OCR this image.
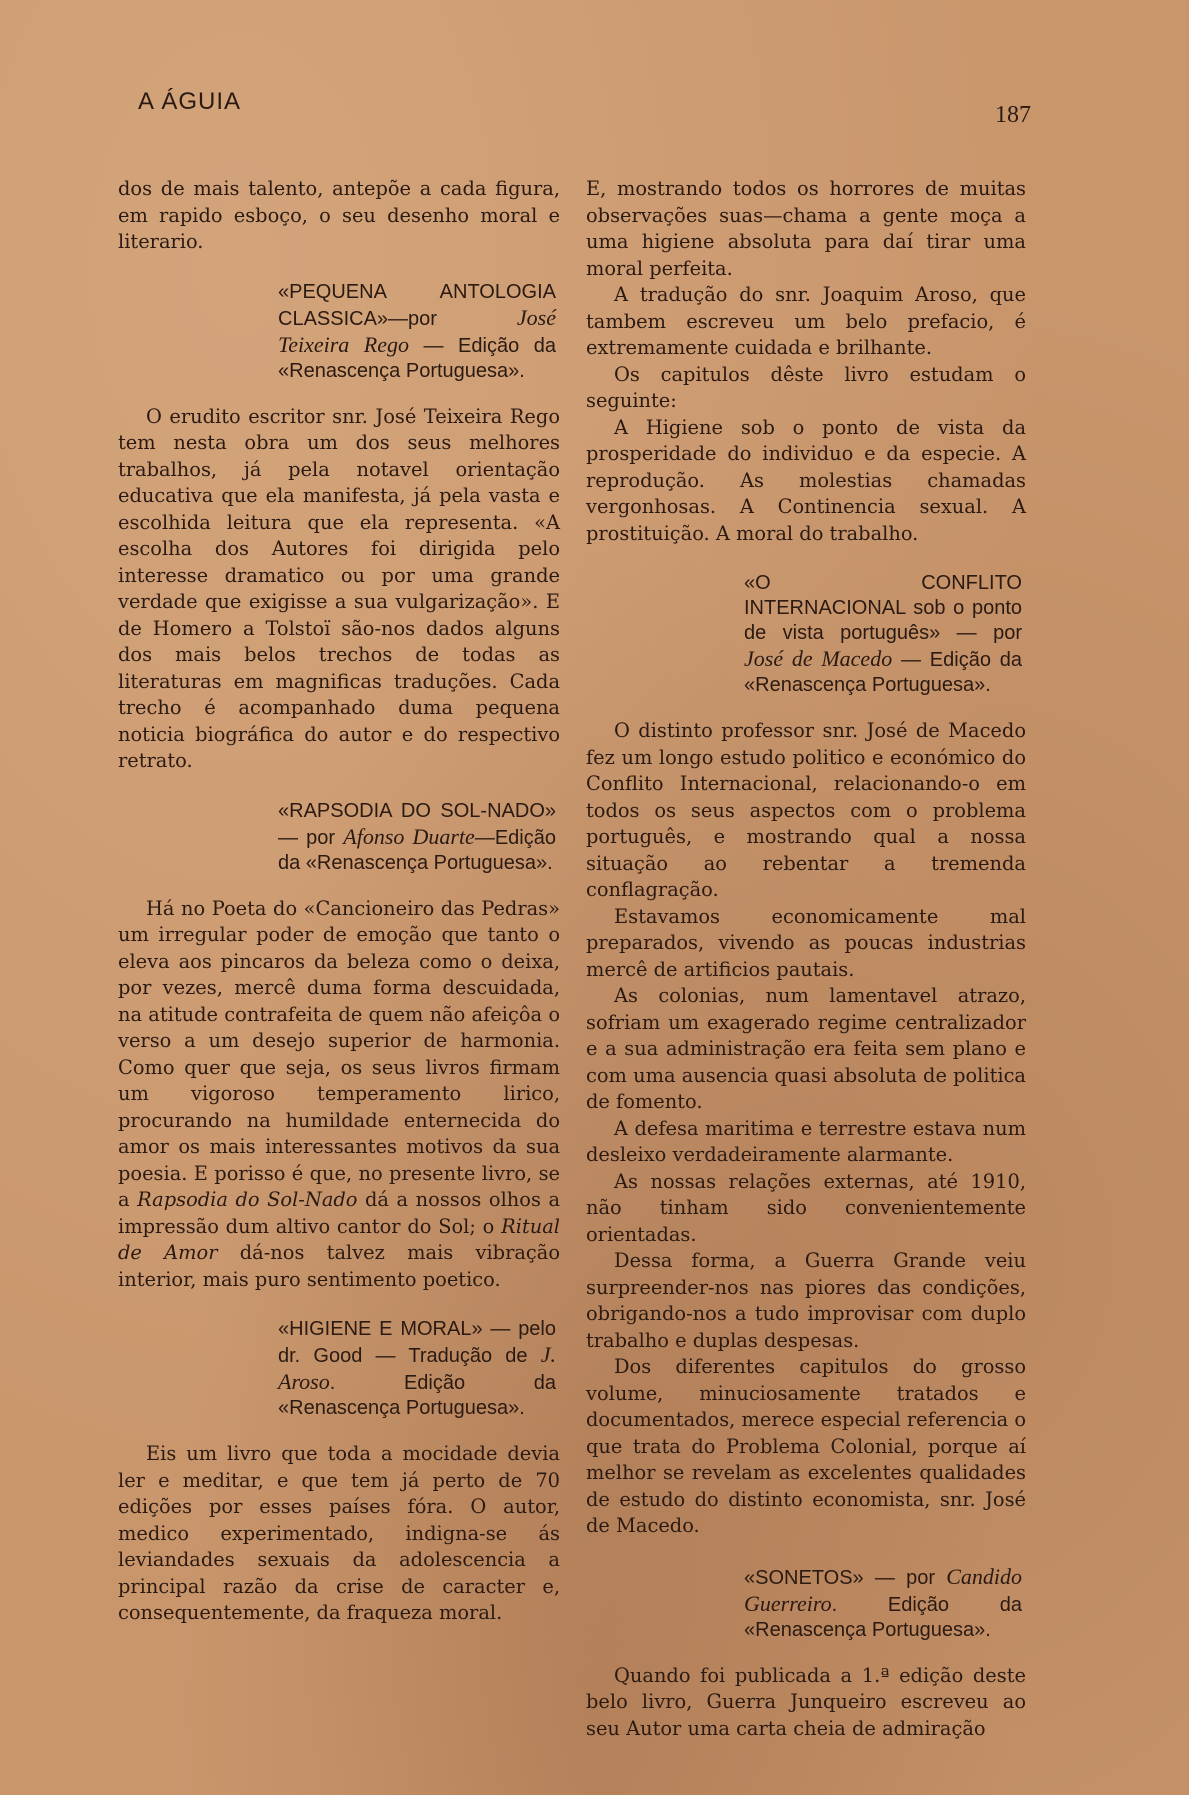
A ÁGUIA	187

dos de mais talento, antepõe a cada figura, em rapido esboço, o seu desenho moral e literario.

«PEQUENA ANTOLOGIA CLASSICA»—por José Teixeira Rego — Edição da «Renascença Portuguesa».

O erudito escritor snr. José Teixeira Rego tem nesta obra um dos seus melhores trabalhos, já pela notavel orientação educativa que ela manifesta, já pela vasta e escolhida leitura que ela representa. «A escolha dos Autores foi dirigida pelo interesse dramatico ou por uma grande verdade que exigisse a sua vulgarização». E de Homero a Tolstoï são-nos dados alguns dos mais belos trechos de todas as literaturas em magnificas traduções. Cada trecho é acompanhado duma pequena noticia biográfica do autor e do respectivo retrato.

«RAPSODIA DO SOL-NADO» — por Afonso Duarte—Edição da «Renascença Portuguesa».

Há no Poeta do «Cancioneiro das Pedras» um irregular poder de emoção que tanto o eleva aos pincaros da beleza como o deixa, por vezes, mercê duma forma descuidada, na atitude contrafeita de quem não afeiçôa o verso a um desejo superior de harmonia. Como quer que seja, os seus livros firmam um vigoroso temperamento lirico, procurando na humildade enternecida do amor os mais interessantes motivos da sua poesia. E porisso é que, no presente livro, se a Rapsodia do Sol-Nado dá a nossos olhos a impressão dum altivo cantor do Sol; o Ritual de Amor dá-nos talvez mais vibração interior, mais puro sentimento poetico.

«HIGIENE E MORAL» — pelo dr. Good — Tradução de J. Aroso. Edição da «Renascença Portuguesa».

Eis um livro que toda a mocidade devia ler e meditar, e que tem já perto de 70 edições por esses países fóra. O autor, medico experimentado, indigna-se ás leviandades sexuais da adolescencia a principal razão da crise de caracter e, consequentemente, da fraqueza moral.

E, mostrando todos os horrores de muitas observações suas—chama a gente moça a uma higiene absoluta para daí tirar uma moral perfeita.

A tradução do snr. Joaquim Aroso, que tambem escreveu um belo prefacio, é extremamente cuidada e brilhante.

Os capitulos dêste livro estudam o seguinte:

A Higiene sob o ponto de vista da prosperidade do individuo e da especie. A reprodução. As molestias chamadas vergonhosas. A Continencia sexual. A prostituição. A moral do trabalho.

«O CONFLITO INTERNACIONAL sob o ponto de vista português» — por José de Macedo — Edição da «Renascença Portuguesa».

O distinto professor snr. José de Macedo fez um longo estudo politico e económico do Conflito Internacional, relacionando-o em todos os seus aspectos com o problema português, e mostrando qual a nossa situação ao rebentar a tremenda conflagração.

Estavamos economicamente mal preparados, vivendo as poucas industrias mercê de artificios pautais.

As colonias, num lamentavel atrazo, sofriam um exagerado regime centralizador e a sua administração era feita sem plano e com uma ausencia quasi absoluta de politica de fomento.

A defesa maritima e terrestre estava num desleixo verdadeiramente alarmante.

As nossas relações externas, até 1910, não tinham sido convenientemente orientadas.

Dessa forma, a Guerra Grande veiu surpreender-nos nas piores das condições, obrigando-nos a tudo improvisar com duplo trabalho e duplas despesas.

Dos diferentes capitulos do grosso volume, minuciosamente tratados e documentados, merece especial referencia o que trata do Problema Colonial, porque aí melhor se revelam as excelentes qualidades de estudo do distinto economista, snr. José de Macedo.

«SONETOS» — por Candido Guerreiro. Edição da «Renascença Portuguesa».

Quando foi publicada a 1.ª edição deste belo livro, Guerra Junqueiro escreveu ao seu Autor uma carta cheia de admiração
